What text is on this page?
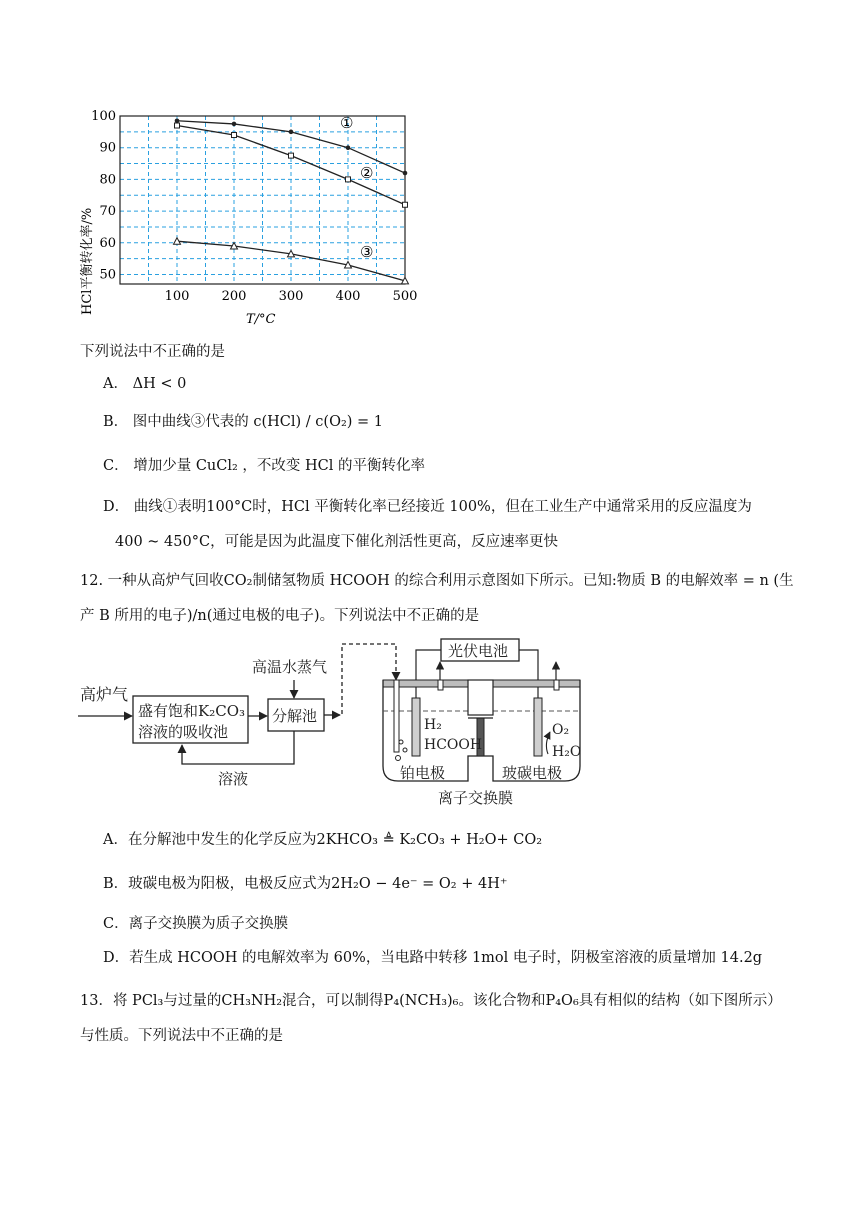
100 200 300 400 500
50
60
70
80
90
100	①
②
③
HCl平衡转化率/%
T/°C
下列说法中不正确的是
A． ΔH < 0
B． 图中曲线③代表的 c(HCl) / c(O₂) = 1
C． 增加少量 CuCl₂ ，不改变 HCl 的平衡转化率
D． 曲线①表明100°C时，HCl 平衡转化率已经接近 100%，但在工业生产中通常采用的反应温度为
400 ~ 450°C，可能是因为此温度下催化剂活性更高，反应速率更快
12. 一种从高炉气回收CO₂制储氢物质 HCOOH 的综合利用示意图如下所示。已知:物质 B 的电解效率 = n (生
产 B 所用的电子)/n(通过电极的电子)。下列说法中不正确的是
高炉气
盛有饱和K₂CO₃
溶液的吸收池
高温水蒸气
分解池
溶液
光伏电池
H₂
HCOOH
O₂
H₂O
铂电极	玻碳电极
离子交换膜
A．在分解池中发生的化学反应为2KHCO₃ ≜ K₂CO₃ + H₂O+ CO₂
B．玻碳电极为阳极，电极反应式为2H₂O − 4e⁻ = O₂ + 4H⁺
C．离子交换膜为质子交换膜
D．若生成 HCOOH 的电解效率为 60%，当电路中转移 1mol 电子时，阴极室溶液的质量增加 14.2g
13．将 PCl₃与过量的CH₃NH₂混合，可以制得P₄(NCH₃)₆。该化合物和P₄O₆具有相似的结构（如下图所示）
与性质。下列说法中不正确的是
